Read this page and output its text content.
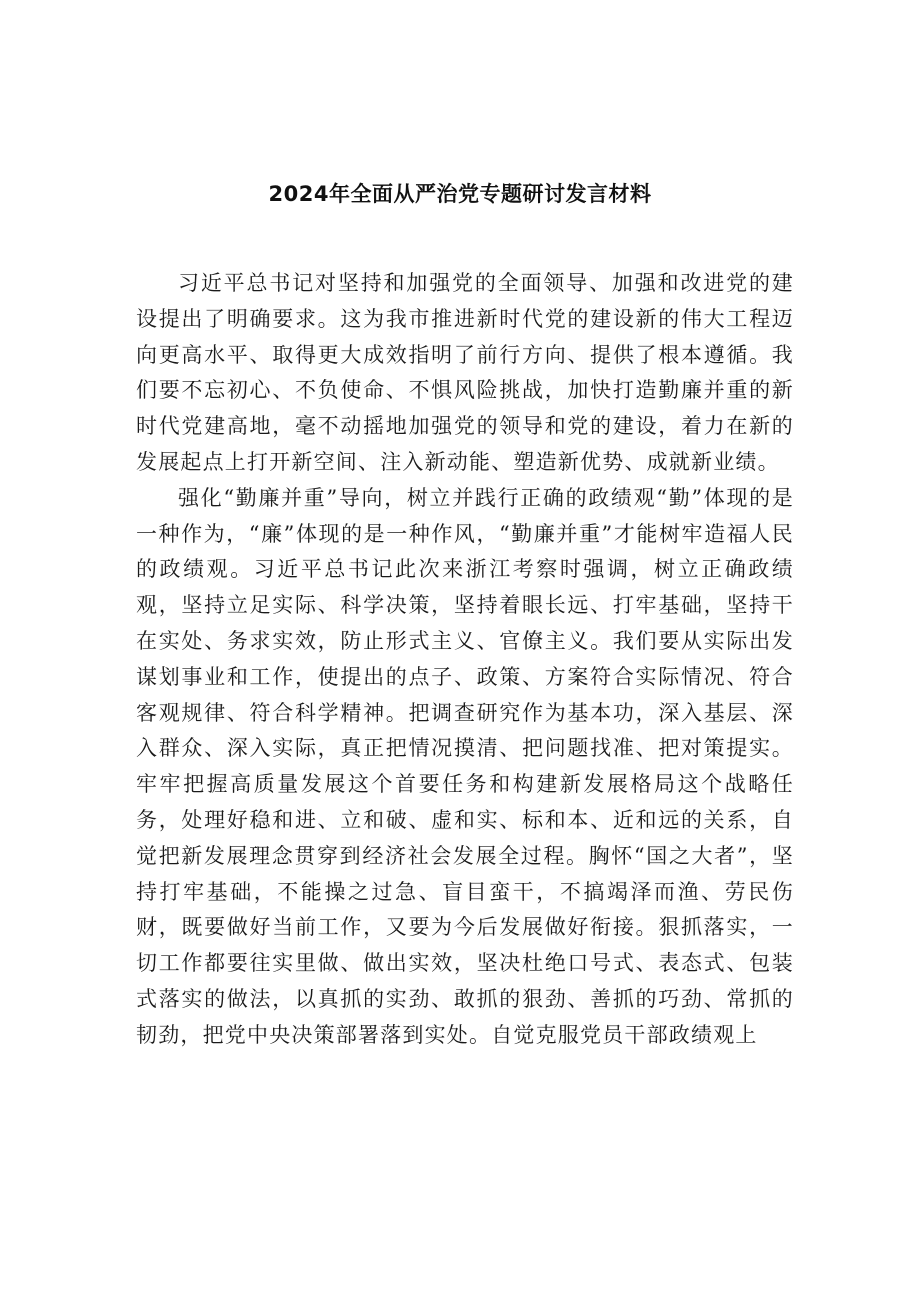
2024年全面从严治党专题研讨发言材料

习近平总书记对坚持和加强党的全面领导、加强和改进党的建设提出了明确要求。这为我市推进新时代党的建设新的伟大工程迈向更高水平、取得更大成效指明了前行方向、提供了根本遵循。我们要不忘初心、不负使命、不惧风险挑战，加快打造勤廉并重的新时代党建高地，毫不动摇地加强党的领导和党的建设，着力在新的发展起点上打开新空间、注入新动能、塑造新优势、成就新业绩。

强化“勤廉并重”导向，树立并践行正确的政绩观“勤”体现的是一种作为，“廉”体现的是一种作风，“勤廉并重”才能树牢造福人民的政绩观。习近平总书记此次来浙江考察时强调，树立正确政绩观，坚持立足实际、科学决策，坚持着眼长远、打牢基础，坚持干在实处、务求实效，防止形式主义、官僚主义。我们要从实际出发谋划事业和工作，使提出的点子、政策、方案符合实际情况、符合客观规律、符合科学精神。把调查研究作为基本功，深入基层、深入群众、深入实际，真正把情况摸清、把问题找准、把对策提实。牢牢把握高质量发展这个首要任务和构建新发展格局这个战略任务，处理好稳和进、立和破、虚和实、标和本、近和远的关系，自觉把新发展理念贯穿到经济社会发展全过程。胸怀“国之大者”，坚持打牢基础，不能操之过急、盲目蛮干，不搞竭泽而渔、劳民伤财，既要做好当前工作，又要为今后发展做好衔接。狠抓落实，一切工作都要往实里做、做出实效，坚决杜绝口号式、表态式、包装式落实的做法，以真抓的实劲、敢抓的狠劲、善抓的巧劲、常抓的韧劲，把党中央决策部署落到实处。自觉克服党员干部政绩观上
